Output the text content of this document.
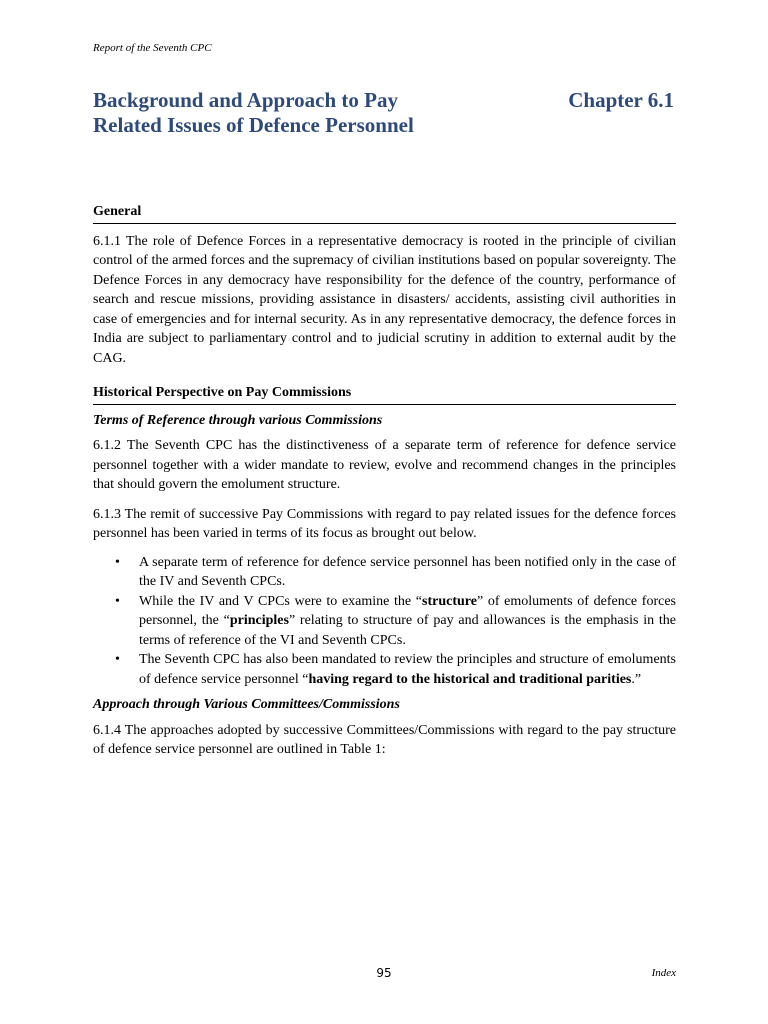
Report of the Seventh CPC
Background and Approach to Pay
Related Issues of Defence Personnel
Chapter 6.1
General

6.1.1 The role of Defence Forces in a representative democracy is rooted in the principle of civilian control of the armed forces and the supremacy of civilian institutions based on popular sovereignty. The Defence Forces in any democracy have responsibility for the defence of the country, performance of search and rescue missions, providing assistance in disasters/ accidents, assisting civil authorities in case of emergencies and for internal security. As in any representative democracy, the defence forces in India are subject to parliamentary control and to judicial scrutiny in addition to external audit by the CAG.

Historical Perspective on Pay Commissions

Terms of Reference through various Commissions

6.1.2 The Seventh CPC has the distinctiveness of a separate term of reference for defence service personnel together with a wider mandate to review, evolve and recommend changes in the principles that should govern the emolument structure.

6.1.3 The remit of successive Pay Commissions with regard to pay related issues for the defence forces personnel has been varied in terms of its focus as brought out below.

• A separate term of reference for defence service personnel has been notified only in the case of the IV and Seventh CPCs.
• While the IV and V CPCs were to examine the “structure” of emoluments of defence forces personnel, the “principles” relating to structure of pay and allowances is the emphasis in the terms of reference of the VI and Seventh CPCs.
• The Seventh CPC has also been mandated to review the principles and structure of emoluments of defence service personnel “having regard to the historical and traditional parities.”

Approach through Various Committees/Commissions

6.1.4 The approaches adopted by successive Committees/Commissions with regard to the pay structure of defence service personnel are outlined in Table 1:

95	Index
